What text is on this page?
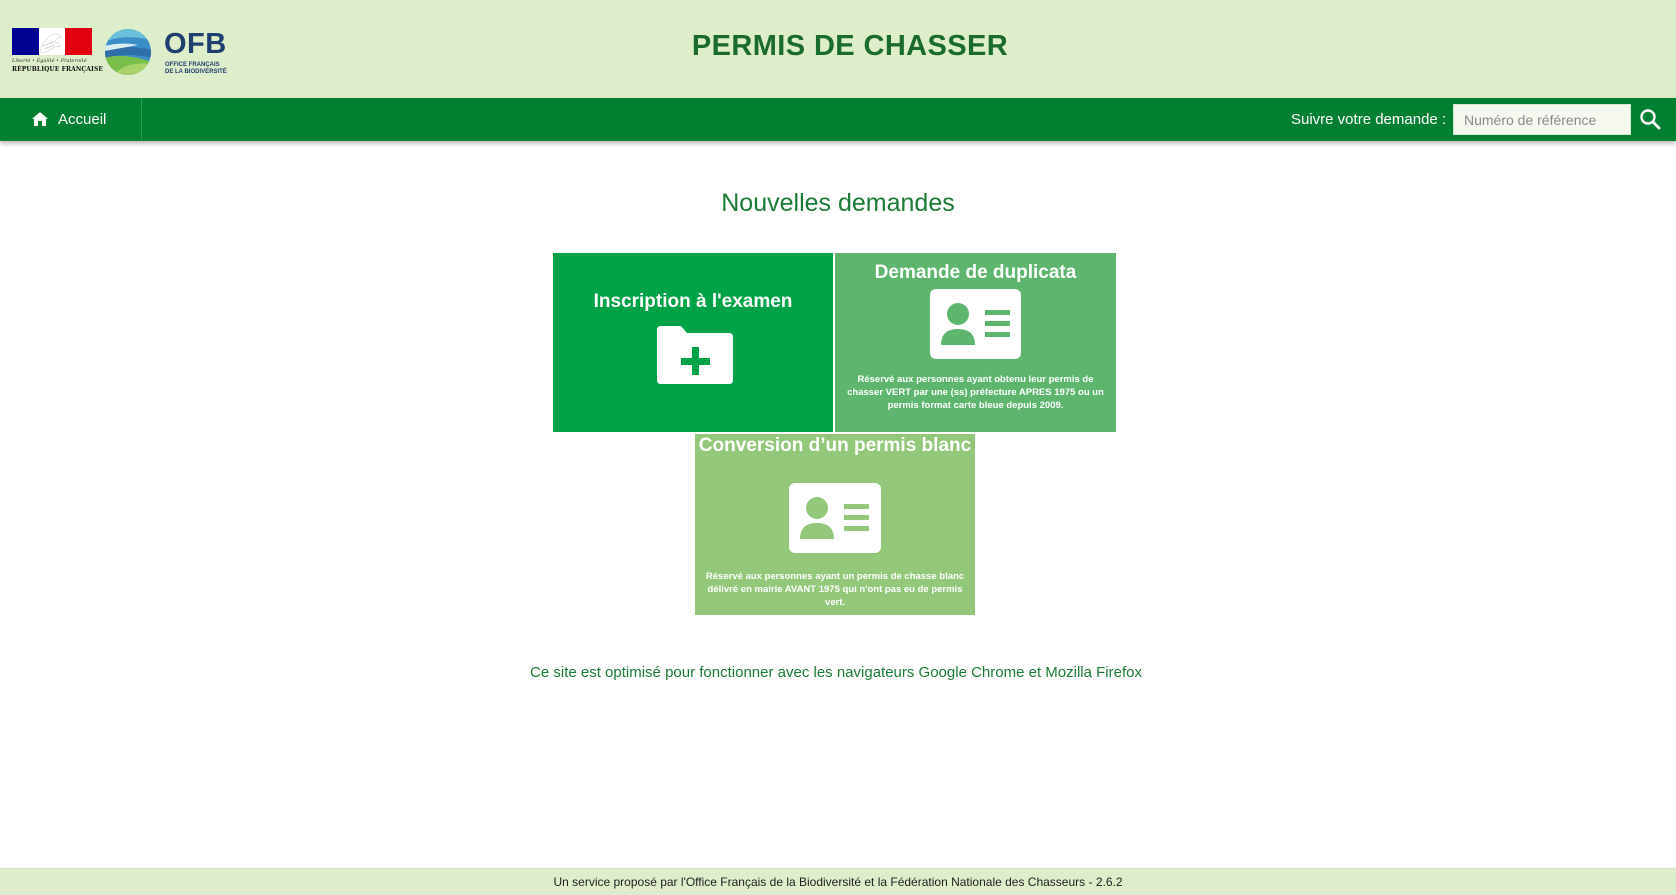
Liberté • Égalité • Fraternité
RÉPUBLIQUE FRANÇAISE
OFB
OFFICE FRANÇAIS
DE LA BIODIVERSITÉ
PERMIS DE CHASSER
Accueil	Suivre votre demande :
Numéro de référence
Nouvelles demandes
Inscription à l'examen
Demande de duplicata
Réservé aux personnes ayant obtenu leur permis de chasser VERT par une (ss) préfecture APRES 1975 ou un permis format carte bleue depuis 2009.
Conversion d’un permis blanc
Réservé aux personnes ayant un permis de chasse blanc délivré en mairie AVANT 1975 qui n'ont pas eu de permis vert.
Ce site est optimisé pour fonctionner avec les navigateurs Google Chrome et Mozilla Firefox
Un service proposé par l'Office Français de la Biodiversité et la Fédération Nationale des Chasseurs - 2.6.2
